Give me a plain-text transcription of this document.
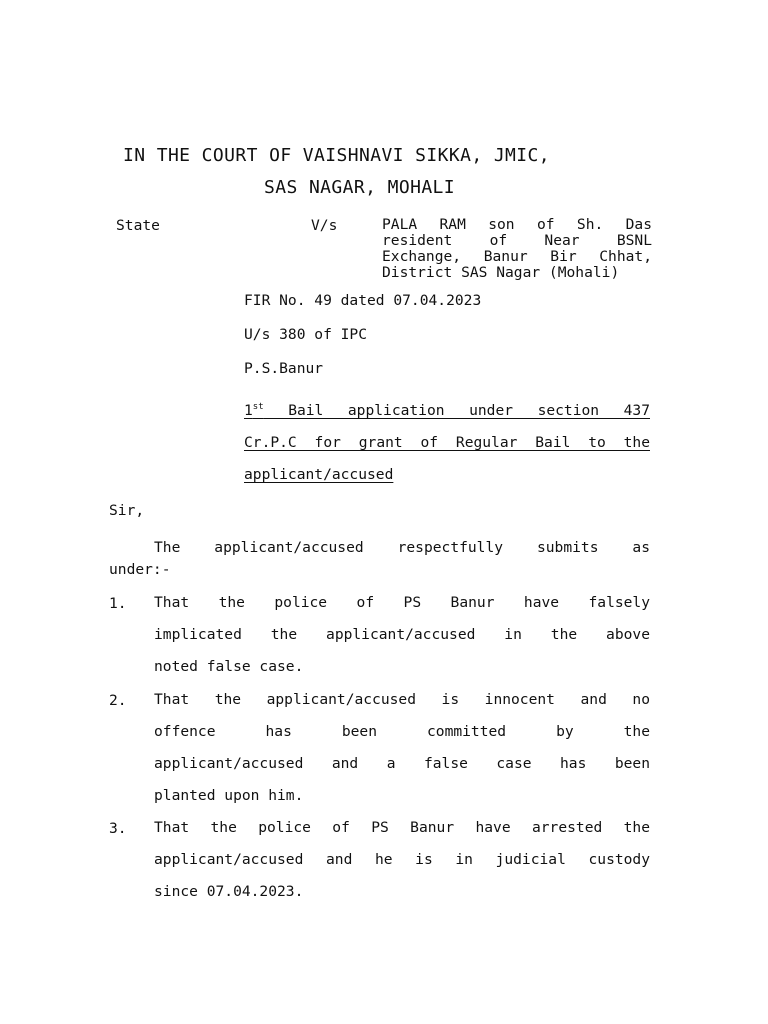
IN THE COURT OF VAISHNAVI SIKKA, JMIC,
SAS NAGAR, MOHALI
State	V/s	PALA RAM son of Sh. Das
resident of Near BSNL
Exchange, Banur Bir Chhat,
District SAS Nagar (Mohali)
FIR No. 49 dated 07.04.2023
U/s 380 of IPC
P.S.Banur
1st Bail application under section 437
Cr.P.C for grant of Regular Bail to the
applicant/accused
Sir,
The applicant/accused respectfully submits as
under:-
1. That the police of PS Banur have falsely
implicated the applicant/accused in the above
noted false case.
2. That the applicant/accused is innocent and no
offence has been committed by the
applicant/accused and a false case has been
planted upon him.
3. That the police of PS Banur have arrested the
applicant/accused and he is in judicial custody
since 07.04.2023.
